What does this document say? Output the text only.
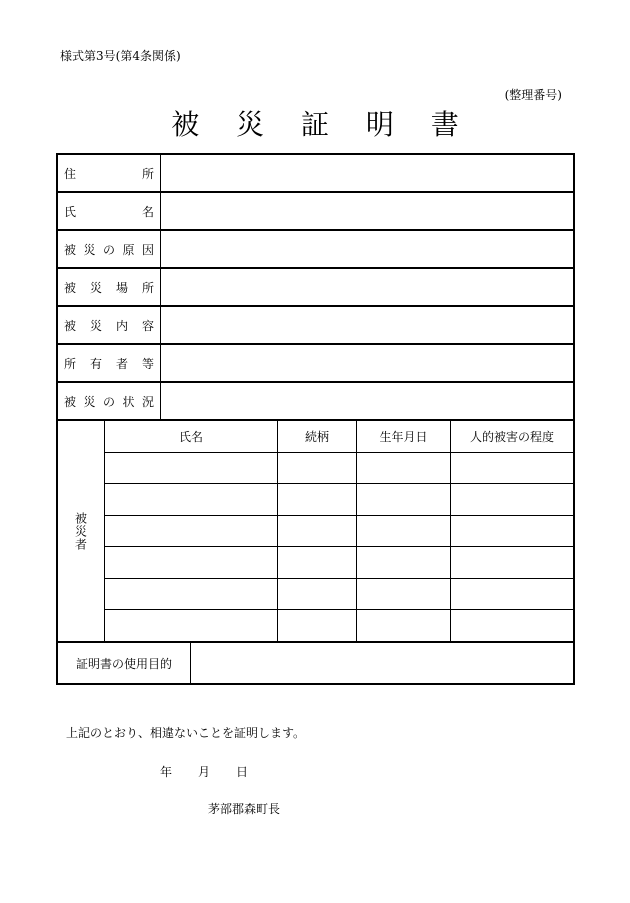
様式第3号(第4条関係)
(整理番号)
被 災 証 明 書
住	所
氏	名
被 災 の 原 因
被 災 場 所
被 災 内 容
所 有 者 等
被 災 の 状 況
被災者
氏名	続柄	生年月日	人的被害の程度
証明書の使用目的
上記のとおり、相違ないことを証明します。
年 月 日
茅部郡森町長
